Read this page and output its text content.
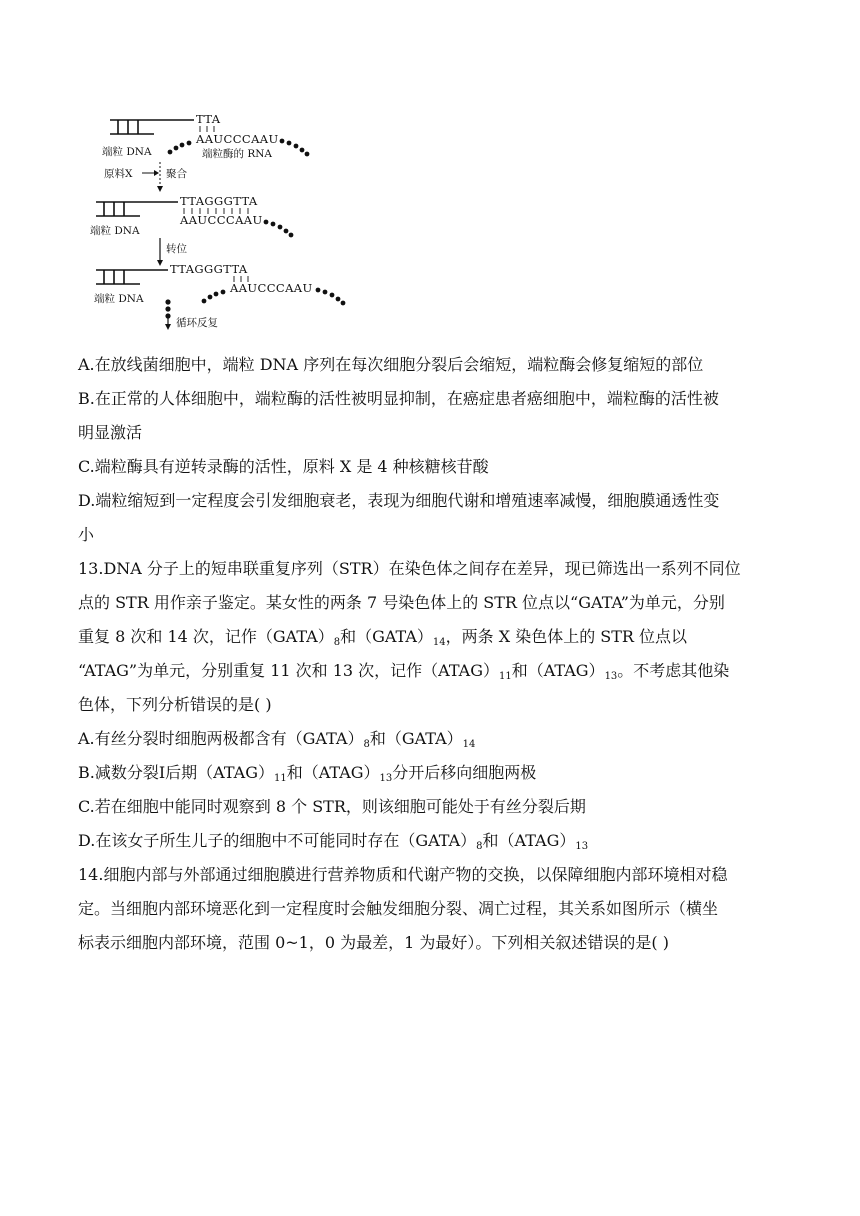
TTA
AAUCCCAAU
端粒 DNA	端粒酶的 RNA
原料X	聚合
TTAGGGTTA
AAUCCCAAU
端粒 DNA
转位
TTAGGGTTA
AAUCCCAAU
端粒 DNA
循环反复
A.在放线菌细胞中，端粒 DNA 序列在每次细胞分裂后会缩短，端粒酶会修复缩短的部位
B.在正常的人体细胞中，端粒酶的活性被明显抑制，在癌症患者癌细胞中，端粒酶的活性被
明显激活
C.端粒酶具有逆转录酶的活性，原料 X 是 4 种核糖核苷酸
D.端粒缩短到一定程度会引发细胞衰老，表现为细胞代谢和增殖速率减慢，细胞膜通透性变
小
13.DNA 分子上的短串联重复序列（STR）在染色体之间存在差异，现已筛选出一系列不同位
点的 STR 用作亲子鉴定。某女性的两条 7 号染色体上的 STR 位点以“GATA”为单元，分别
重复 8 次和 14 次，记作$(GATA)_8$和$(GATA)_{14}$，两条 X 染色体上的 STR 位点以
“ATAG”为单元，分别重复 11 次和 13 次，记作$(ATAG)_{11}$和$(ATAG)_{13}$。不考虑其他染
色体，下列分析错误的是( )
A.有丝分裂时细胞两极都含有$(GATA)_8$和$(GATA)_{14}$
B.减数分裂Ⅰ后期$(ATAG)_{11}$和$(ATAG)_{13}$分开后移向细胞两极
C.若在细胞中能同时观察到 8 个 STR，则该细胞可能处于有丝分裂后期
D.在该女子所生儿子的细胞中不可能同时存在$(GATA)_8$和$(ATAG)_{13}$
14.细胞内部与外部通过细胞膜进行营养物质和代谢产物的交换，以保障细胞内部环境相对稳
定。当细胞内部环境恶化到一定程度时会触发细胞分裂、凋亡过程，其关系如图所示（横坐
标表示细胞内部环境，范围 0~1，0 为最差，1 为最好）。下列相关叙述错误的是( )
